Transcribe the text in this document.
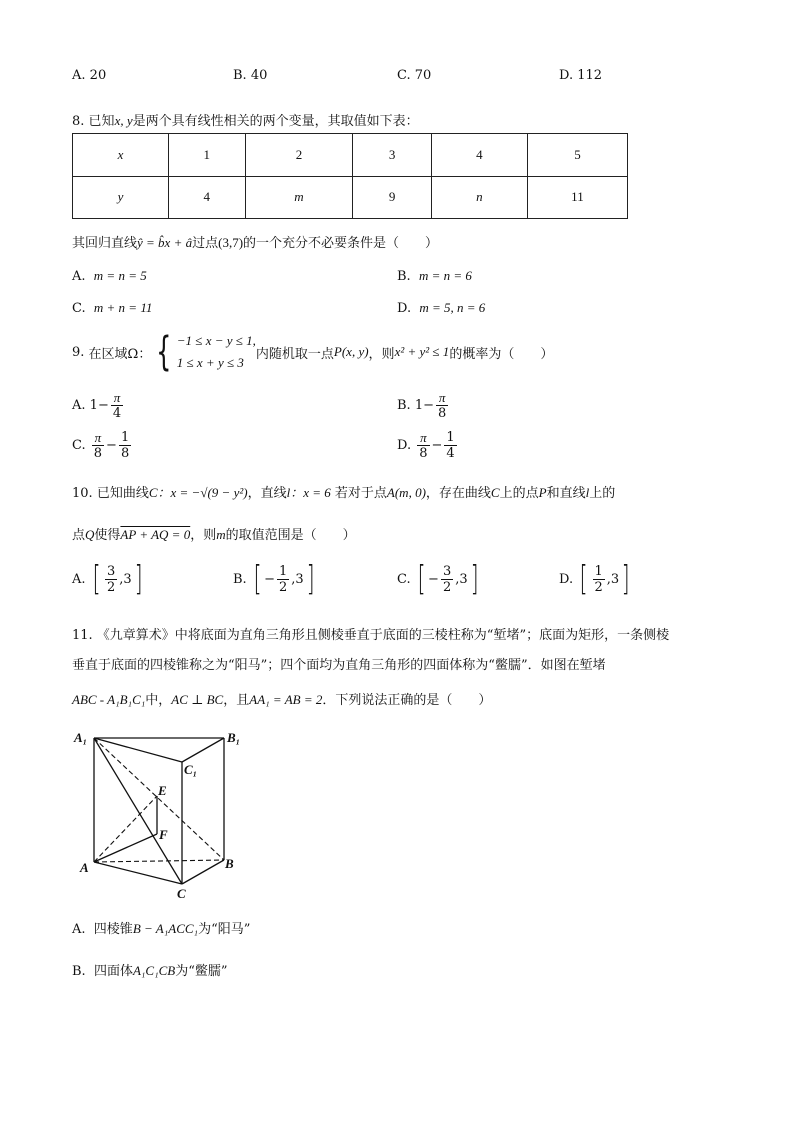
A. 20	B. 40	C. 70	D. 112
8. 已知x, y是两个具有线性相关的两个变量，其取值如下表：
x	1	2	3	4	5
y	4	m	9	n	11
其回归直线ŷ = b̂x + â过点(3,7)的一个充分不必要条件是（　　）
A. m = n = 5	B. m = n = 6
C. m + n = 11	D. m = 5, n = 6
9.
在区域Ω： { −1 ≤ x − y ≤ 1,
1 ≤ x + y ≤ 3
内随机取一点 P(x, y) ，则 x² + y² ≤ 1 的概率为（　　）
A.
$1- \frac{\pi}{4}$	B.
$1- \frac{\pi}{8}$
C.
$\frac{\pi}{8} - \frac{1}{8}$	D.
$\frac{\pi}{8} - \frac{1}{4}$
10. 已知曲线C：x = −√(9 − y²)，直线l：x = 6 若对于点A(m, 0)，存在曲线C上的点P和直线l上的
点Q使得AP + AQ = 0，则m的取值范围是（　　）
A.
[ $\frac{3}{2} ,3$ ]	B.
[ − $\frac{1}{2} ,3$ ]	C.
[ − $\frac{3}{2} ,3$ ]	D.
[ $\frac{1}{2} ,3$ ]
11. 《九章算术》中将底面为直角三角形且侧棱垂直于底面的三棱柱称为“堑堵”；底面为矩形，一条侧棱
垂直于底面的四棱锥称之为“阳马”；四个面均为直角三角形的四面体称为“鳖臑”．如图在堑堵
ABC - A₁B₁C₁中，AC ⊥ BC，且AA₁ = AB = 2．下列说法正确的是（　　）
A₁	B₁
C₁
E
F
A	B
C
A. 四棱锥B − A₁ACC₁为“阳马”
B. 四面体A₁C₁CB为“鳖臑”
